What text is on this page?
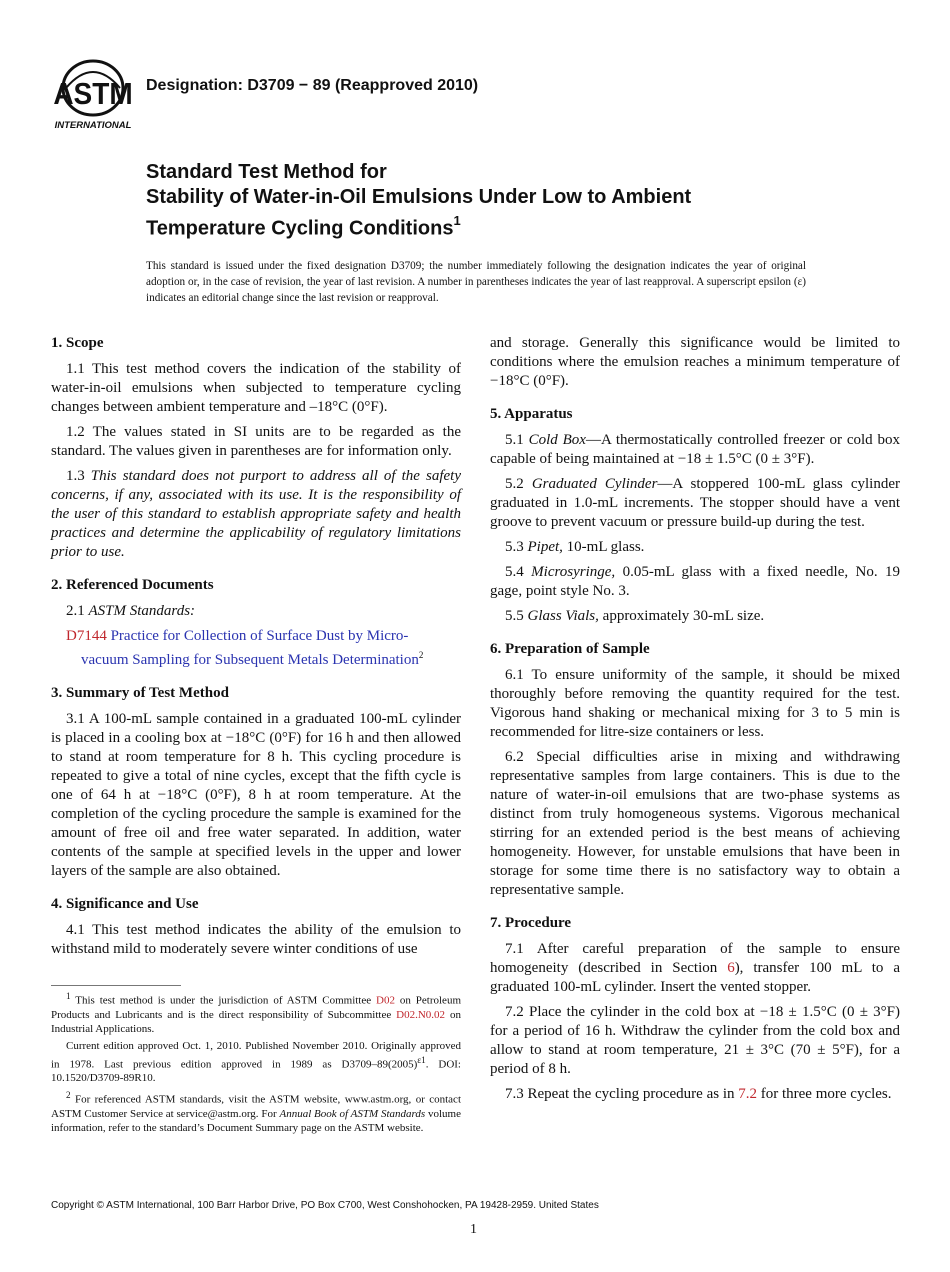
ASTM
INTERNATIONAL
Designation: D3709 − 89 (Reapproved 2010)
Standard Test Method for
Stability of Water-in-Oil Emulsions Under Low to Ambient
Temperature Cycling Conditions$^1$
This standard is issued under the fixed designation D3709; the number immediately following the designation indicates the year of original adoption or, in the case of revision, the year of last revision. A number in parentheses indicates the year of last reapproval. A superscript epsilon (ε) indicates an editorial change since the last revision or reapproval.
1. Scope
1.1 This test method covers the indication of the stability of water-in-oil emulsions when subjected to temperature cycling changes between ambient temperature and –18°C (0°F).
1.2 The values stated in SI units are to be regarded as the standard. The values given in parentheses are for information only.
1.3 This standard does not purport to address all of the safety concerns, if any, associated with its use. It is the responsibility of the user of this standard to establish appropriate safety and health practices and determine the applicability of regulatory limitations prior to use.
2. Referenced Documents
2.1 ASTM Standards:
D7144 Practice for Collection of Surface Dust by Micro-
vacuum Sampling for Subsequent Metals Determination$^2$
3. Summary of Test Method
3.1 A 100-mL sample contained in a graduated 100-mL cylinder is placed in a cooling box at −18°C (0°F) for 16 h and then allowed to stand at room temperature for 8 h. This cycling procedure is repeated to give a total of nine cycles, except that the fifth cycle is one of 64 h at −18°C (0°F), 8 h at room temperature. At the completion of the cycling procedure the sample is examined for the amount of free oil and free water separated. In addition, water contents of the sample at specified levels in the upper and lower layers of the sample are also obtained.
4. Significance and Use
4.1 This test method indicates the ability of the emulsion to withstand mild to moderately severe winter conditions of use
$^1$ This test method is under the jurisdiction of ASTM Committee D02 on Petroleum Products and Lubricants and is the direct responsibility of Subcommittee D02.N0.02 on Industrial Applications.
Current edition approved Oct. 1, 2010. Published November 2010. Originally approved in 1978. Last previous edition approved in 1989 as $D3709-89(2005)^{\varepsilon 1}$. DOI: 10.1520/D3709-89R10.
$^2$ For referenced ASTM standards, visit the ASTM website, www.astm.org, or contact ASTM Customer Service at service@astm.org. For Annual Book of ASTM Standards volume information, refer to the standard’s Document Summary page on the ASTM website.
and storage. Generally this significance would be limited to conditions where the emulsion reaches a minimum temperature of −18°C (0°F).
5. Apparatus
5.1 Cold Box—A thermostatically controlled freezer or cold box capable of being maintained at −18 ± 1.5°C (0 ± 3°F).
5.2 Graduated Cylinder—A stoppered 100-mL glass cylinder graduated in 1.0-mL increments. The stopper should have a vent groove to prevent vacuum or pressure build-up during the test.
5.3 Pipet, 10-mL glass.
5.4 Microsyringe, 0.05-mL glass with a fixed needle, No. 19 gage, point style No. 3.
5.5 Glass Vials, approximately 30-mL size.
6. Preparation of Sample
6.1 To ensure uniformity of the sample, it should be mixed thoroughly before removing the quantity required for the test. Vigorous hand shaking or mechanical mixing for 3 to 5 min is recommended for litre-size containers or less.
6.2 Special difficulties arise in mixing and withdrawing representative samples from large containers. This is due to the nature of water-in-oil emulsions that are two-phase systems as distinct from truly homogeneous systems. Vigorous mechanical stirring for an extended period is the best means of achieving homogeneity. However, for unstable emulsions that have been in storage for some time there is no satisfactory way to obtain a representative sample.
7. Procedure
7.1 After careful preparation of the sample to ensure homogeneity (described in Section 6), transfer 100 mL to a graduated 100-mL cylinder. Insert the vented stopper.
7.2 Place the cylinder in the cold box at −18 ± 1.5°C (0 ± 3°F) for a period of 16 h. Withdraw the cylinder from the cold box and allow to stand at room temperature, 21 ± 3°C (70 ± 5°F), for a period of 8 h.
7.3 Repeat the cycling procedure as in 7.2 for three more cycles.
Copyright © ASTM International, 100 Barr Harbor Drive, PO Box C700, West Conshohocken, PA 19428-2959. United States
1
